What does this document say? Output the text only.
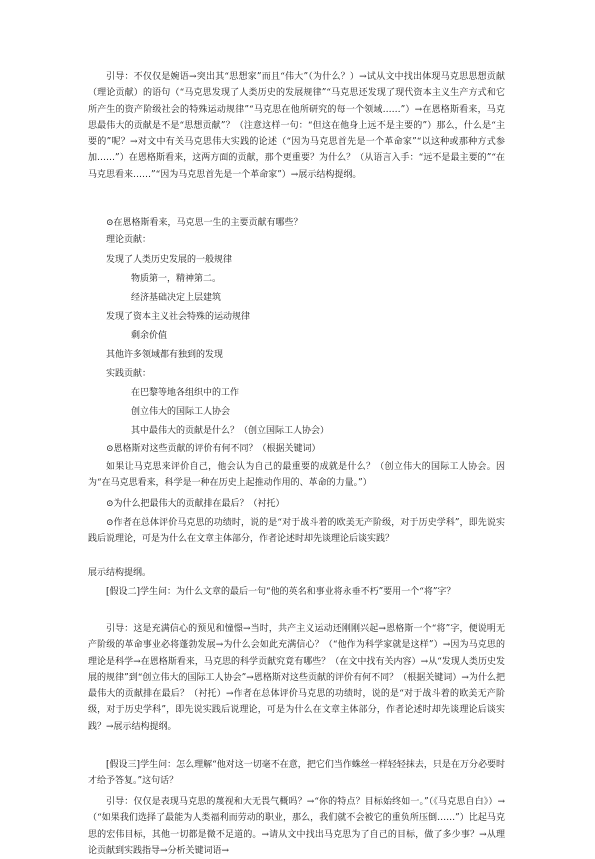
引导：不仅仅是婉语→突出其“思想家”而且“伟大”（为什么？）→试从文中找出体现马克思思想贡献（理论贡献）的语句（“马克思发现了人类历史的发展规律”“马克思还发现了现代资本主义生产方式和它所产生的资产阶级社会的特殊运动规律”“马克思在他所研究的每一个领域……”）→在恩格斯看来，马克思最伟大的贡献是不是“思想贡献”？（注意这样一句：“但这在他身上远不是主要的”）那么，什么是“主要的”呢？→对文中有关马克思伟大实践的论述（“因为马克思首先是一个革命家”“以这种或那种方式参加……”）在恩格斯看来，这两方面的贡献，那个更重要？为什么？（从语言入手：“远不是最主要的”“在马克思看来……”“因为马克思首先是一个革命家”）→展示结构提纲。

⊙在恩格斯看来，马克思一生的主要贡献有哪些？

理论贡献：

发现了人类历史发展的一般规律

物质第一，精神第二。

经济基础决定上层建筑

发现了资本主义社会特殊的运动规律

剩余价值

其他许多领域都有独到的发现

实践贡献：

在巴黎等地各组织中的工作

创立伟大的国际工人协会

其中最伟大的贡献是什么？（创立国际工人协会）

⊙恩格斯对这些贡献的评价有何不同？（根据关键词）

如果让马克思来评价自己，他会认为自己的最重要的成就是什么？（创立伟大的国际工人协会。因为“在马克思看来，科学是一种在历史上起推动作用的、革命的力量。”）

⊙为什么把最伟大的贡献排在最后？（衬托）

⊙作者在总体评价马克思的功绩时，说的是“对于战斗着的欧美无产阶级，对于历史学科”，即先说实践后说理论，可是为什么在文章主体部分，作者论述时却先谈理论后谈实践？

展示结构提纲。

[假设二]学生问：为什么文章的最后一句“他的英名和事业将永垂不朽”要用一个“将”字？

引导：这是充满信心的预见和憧憬→当时，共产主义运动还刚刚兴起→恩格斯一个“将”字，便说明无产阶级的革命事业必将蓬勃发展→为什么会如此充满信心？（“他作为科学家就是这样”）→因为马克思的理论是科学→在恩格斯看来，马克思的科学贡献究竟有哪些？（在文中找有关内容）→从“发现人类历史发展的规律”到“创立伟大的国际工人协会”→恩格斯对这些贡献的评价有何不同？（根据关键词）→为什么把最伟大的贡献排在最后？（衬托）→作者在总体评价马克思的功绩时，说的是“对于战斗着的欧美无产阶级，对于历史学科”，即先说实践后说理论，可是为什么在文章主体部分，作者论述时却先谈理论后谈实践？→展示结构提纲。

[假设三]学生问：怎么理解“他对这一切毫不在意，把它们当作蛛丝一样轻轻抹去，只是在万分必要时才给予答复。”这句话？

引导：仅仅是表现马克思的蔑视和大无畏气概吗？→“你的特点？目标始终如一。”（《马克思自白》）→（“如果我们选择了最能为人类福利而劳动的职业，那么，我们就不会被它的重负所压倒……”）比起马克思的宏伟目标，其他一切都是微不足道的。→请从文中找出马克思为了自己的目标，做了多少事？→从理论贡献到实践指导→分析关键词语→
